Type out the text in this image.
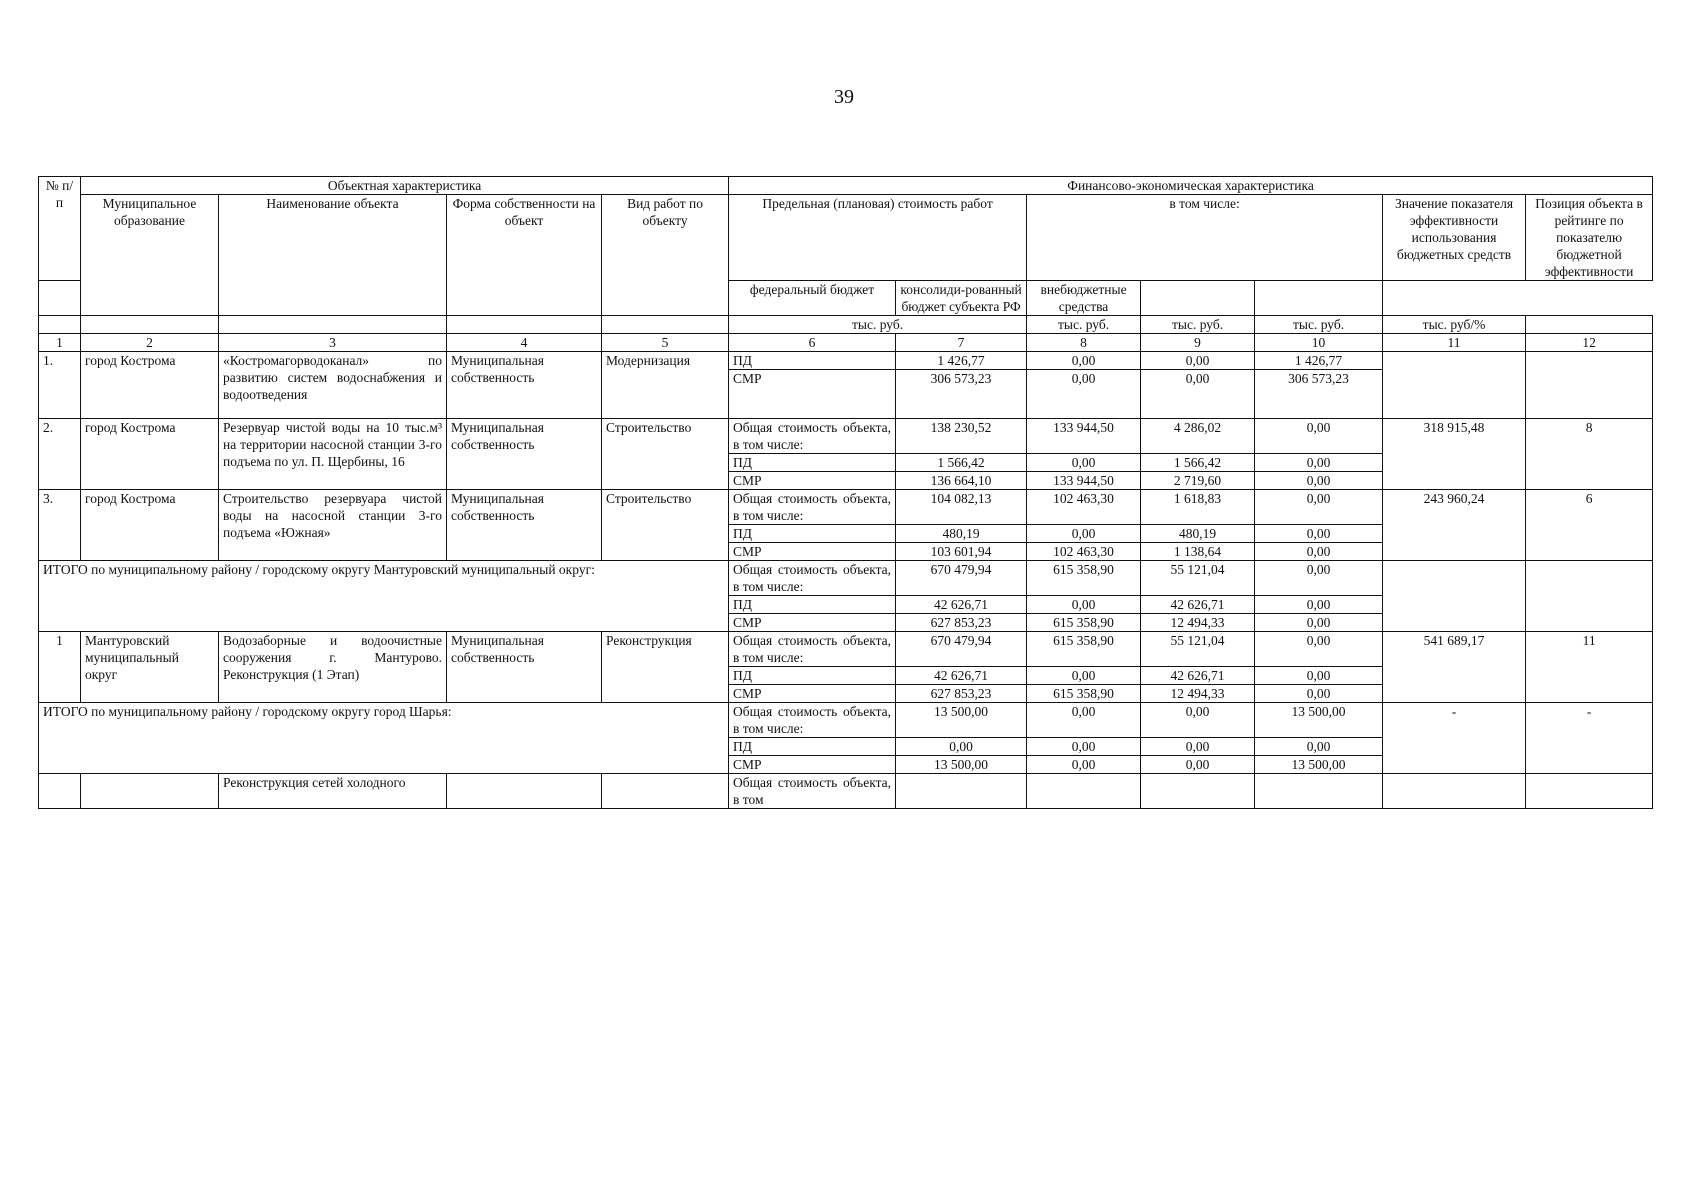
39
№ п/п	Объектная характеристика				Финансово-экономическая характеристика						
	Муниципальное образование	Наименование объекта	Форма собственности на объект	Вид работ по объекту	Предельная (плановая) стоимость работ		в том числе:			Значение показателя эффективности использования бюджетных средств	Позиция объекта в рейтинге по показателю бюджетной эффективности
					федеральный бюджет	консолиди-рованный бюджет субъекта РФ	внебюджетные средства				
					тыс. руб.		тыс. руб.	тыс. руб.	тыс. руб.	тыс. руб/%	
1	2	3	4	5	6	7	8	9	10	11	12
1.	город Кострома	«Костромагорводоканал» по развитию систем водоснабжения и водоотведения	Муниципальная собственность	Модернизация	ПД	1 426,77	0,00	0,00	1 426,77		
					СМР	306 573,23	0,00	0,00	306 573,23		
2.	город Кострома	Резервуар чистой воды на 10 тыс.м³ на территории насосной станции 3-го подъема по ул. П. Щербины, 16	Муниципальная собственность	Строительство	Общая стоимость объекта, в том числе:	138 230,52	133 944,50	4 286,02	0,00	318 915,48	8
					ПД	1 566,42	0,00	1 566,42	0,00		
					СМР	136 664,10	133 944,50	2 719,60	0,00		
3.	город Кострома	Строительство резервуара чистой воды на насосной станции 3-го подъема «Южная»	Муниципальная собственность	Строительство	Общая стоимость объекта, в том числе:	104 082,13	102 463,30	1 618,83	0,00	243 960,24	6
					ПД	480,19	0,00	480,19	0,00		
					СМР	103 601,94	102 463,30	1 138,64	0,00		
ИТОГО по муниципальному району / городскому округу Мантуровский муниципальный округ:					Общая стоимость объекта, в том числе:	670 479,94	615 358,90	55 121,04	0,00		
					ПД	42 626,71	0,00	42 626,71	0,00		
					СМР	627 853,23	615 358,90	12 494,33	0,00		
1	Мантуровский муниципальный округ	Водозаборные и водоочистные сооружения г. Мантурово. Реконструкция (1 Этап)	Муниципальная собственность	Реконструкция	Общая стоимость объекта, в том числе:	670 479,94	615 358,90	55 121,04	0,00	541 689,17	11
					ПД	42 626,71	0,00	42 626,71	0,00		
					СМР	627 853,23	615 358,90	12 494,33	0,00		
ИТОГО по муниципальному району / городскому округу город Шарья:					Общая стоимость объекта, в том числе:	13 500,00	0,00	0,00	13 500,00	-	-
					ПД	0,00	0,00	0,00	0,00		
					СМР	13 500,00	0,00	0,00	13 500,00		
		Реконструкция сетей холодного			Общая стоимость объекта, в том						
